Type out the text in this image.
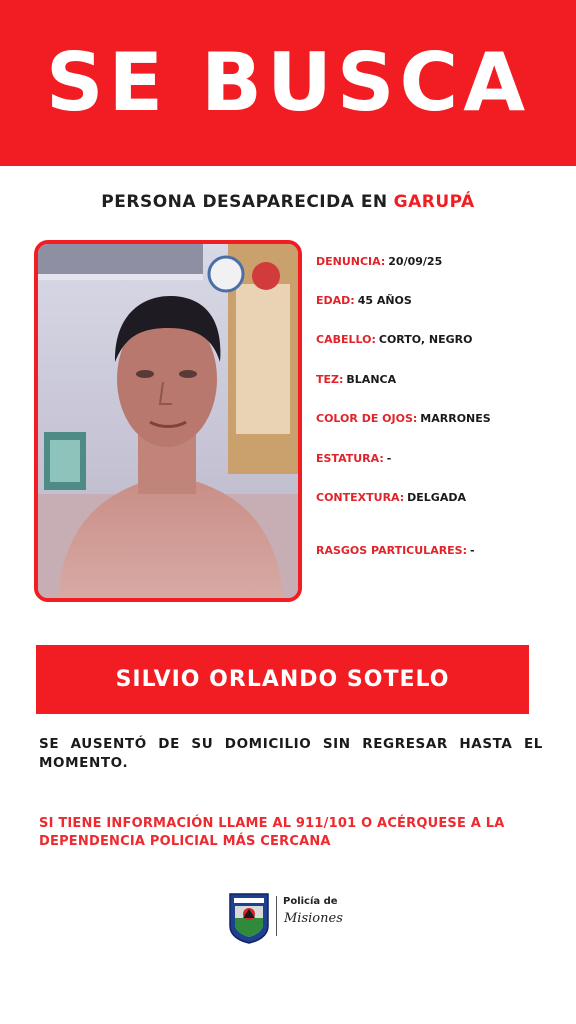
SE BUSCA
PERSONA DESAPARECIDA EN GARUPÁ
DENUNCIA: 20/09/25
EDAD: 45 AÑOS
CABELLO: CORTO, NEGRO
TEZ: BLANCA
COLOR DE OJOS: MARRONES
ESTATURA: -
CONTEXTURA: DELGADA
RASGOS PARTICULARES: -
SILVIO ORLANDO SOTELO
SE AUSENTÓ DE SU DOMICILIO SIN REGRESAR HASTA EL MOMENTO.
SI TIENE INFORMACIÓN LLAME AL 911/101 O ACÉRQUESE A LA
DEPENDENCIA POLICIAL MÁS CERCANA
Policía de
Misiones
